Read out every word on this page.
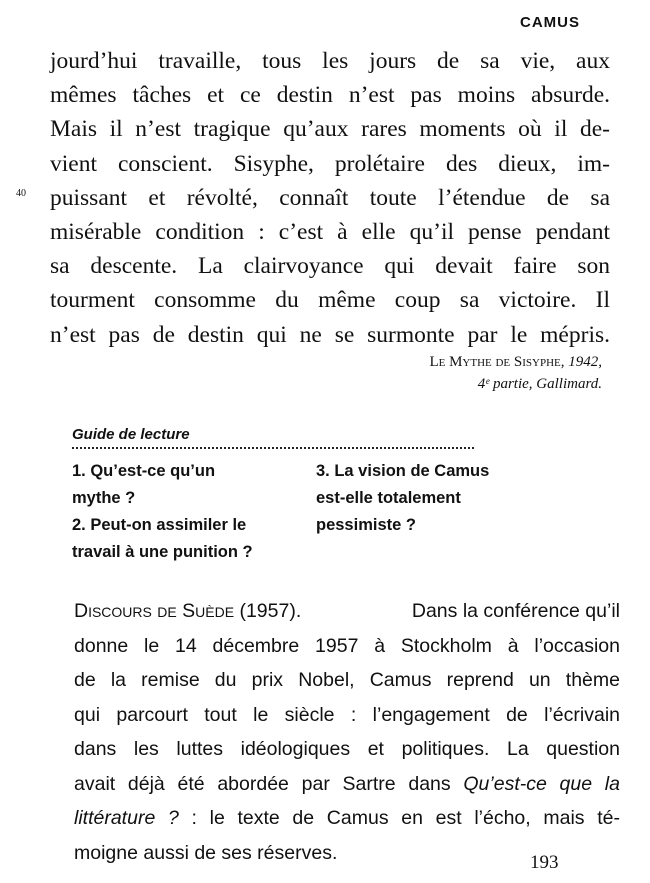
CAMUS
40
jourd’hui travaille, tous les jours de sa vie, aux
mêmes tâches et ce destin n’est pas moins absurde.
Mais il n’est tragique qu’aux rares moments où il de-
vient conscient. Sisyphe, prolétaire des dieux, im-
puissant et révolté, connaît toute l’étendue de sa
misérable condition : c’est à elle qu’il pense pendant
sa descente. La clairvoyance qui devait faire son
tourment consomme du même coup sa victoire. Il
n’est pas de destin qui ne se surmonte par le mépris.
Le Mythe de Sisyphe, 1942,
4ᵉ partie, Gallimard.
Guide de lecture
1. Qu’est-ce qu’un
mythe ?
2. Peut-on assimiler le
travail à une punition ?
3. La vision de Camus
est-elle totalement
pessimiste ?
Discours de Suède (1957).	Dans la conférence qu’il
donne le 14 décembre 1957 à Stockholm à l’occasion
de la remise du prix Nobel, Camus reprend un thème
qui parcourt tout le siècle : l’engagement de l’écrivain
dans les luttes idéologiques et politiques. La question
avait déjà été abordée par Sartre dans Qu’est-ce que la
littérature ? : le texte de Camus en est l’écho, mais té-
moigne aussi de ses réserves.	193
